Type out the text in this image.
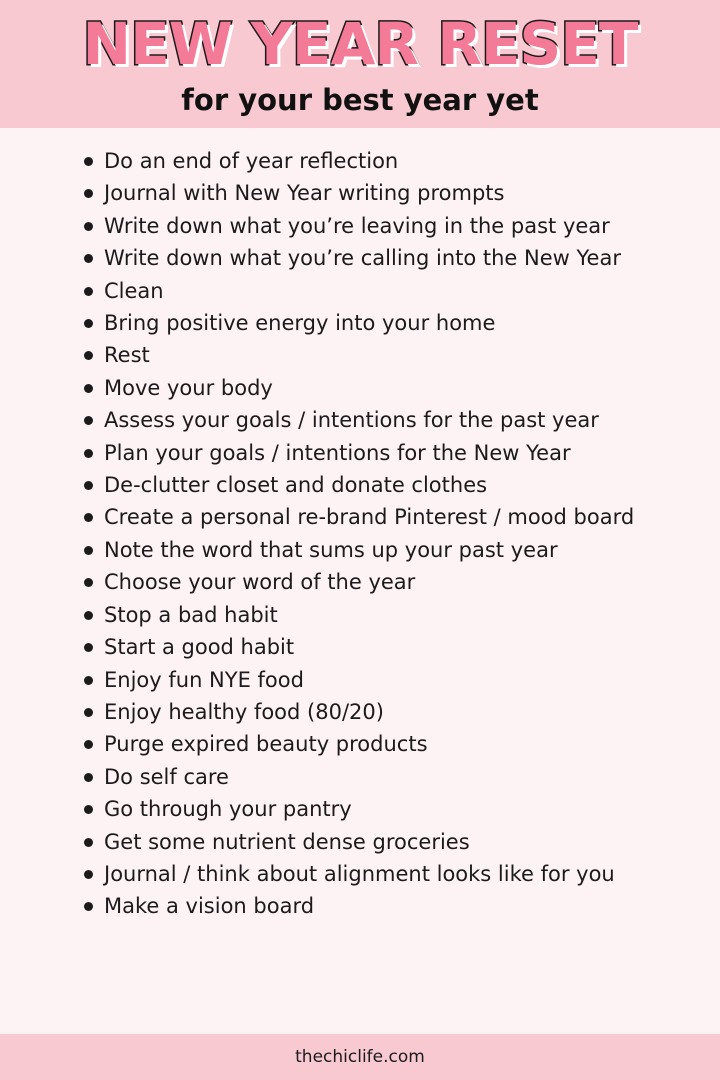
NEW YEAR RESET
for your best year yet
Do an end of year reflection
Journal with New Year writing prompts
Write down what you’re leaving in the past year
Write down what you’re calling into the New Year
Clean
Bring positive energy into your home
Rest
Move your body
Assess your goals / intentions for the past year
Plan your goals / intentions for the New Year
De-clutter closet and donate clothes
Create a personal re-brand Pinterest / mood board
Note the word that sums up your past year
Choose your word of the year
Stop a bad habit
Start a good habit
Enjoy fun NYE food
Enjoy healthy food (80/20)
Purge expired beauty products
Do self care
Go through your pantry
Get some nutrient dense groceries
Journal / think about alignment looks like for you
Make a vision board
thechiclife.com
